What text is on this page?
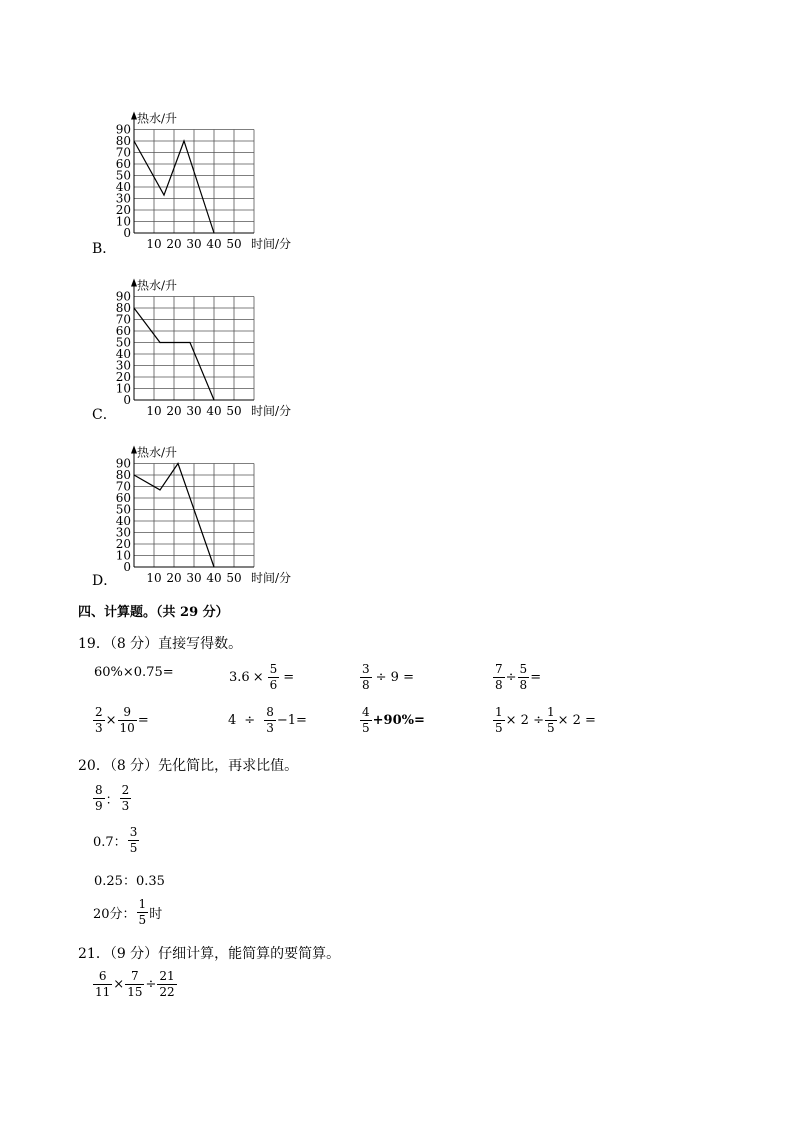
0
10
20
30
40
50
60
70
80
90
10 20 30 40 50
热水/升
时间/分
B．
0
10
20
30
40
50
60
70
80
90
10 20 30 40 50
热水/升
时间/分
C．
0
10
20
30
40
50
60
70
80
90
10 20 30 40 50
热水/升
时间/分
D．
四、计算题。（共 29 分）
19．（8 分）直接写得数。
60%×0.75=	$3.6 \times \frac{5}{6}$ =	$\frac{3}{8} \div 9$ =	$\frac{7}{8} \div \frac{5}{8}$ =
$\frac{2}{3} \times \frac{9}{10}$ =	$4 \div \frac{8}{3} -1=$	$\frac{4}{5} +90\%=$	$\frac{1}{5} \times 2 \div \frac{1}{5} \times 2$ =
20．（8 分）先化简比，再求比值。
$\frac{8}{9}$ ： $\frac{2}{3}$
0.7： $\frac{3}{5}$
0.25：0.35
20分： $\frac{1}{5}$ 时
21．（9 分）仔细计算，能简算的要简算。
$\frac{6}{11} \times \frac{7}{15} \div \frac{21}{22}$
